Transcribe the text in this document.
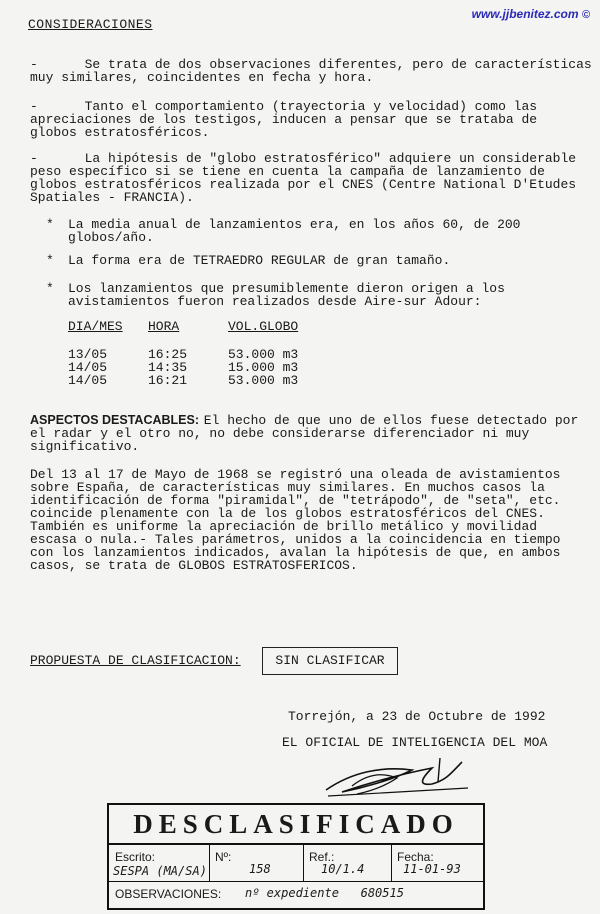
www.jjbenitez.com ©
CONSIDERACIONES
-      Se trata de dos observaciones diferentes, pero de características
muy similares, coincidentes en fecha y hora.
-      Tanto el comportamiento (trayectoria y velocidad) como las
apreciaciones de los testigos, inducen a pensar que se trataba de
globos estratosféricos.
-      La hipótesis de "globo estratosférico" adquiere un considerable
peso específico si se tiene en cuenta la campaña de lanzamiento de
globos estratosféricos realizada por el CNES (Centre National D'Etudes
Spatiales - FRANCIA).
* La media anual de lanzamientos era, en los años 60, de 200
globos/año.
* La forma era de TETRAEDRO REGULAR de gran tamaño.
* Los lanzamientos que presumiblemente dieron origen a los
avistamientos fueron realizados desde Aire-sur Adour:
DIA/MES HORA	VOL.GLOBO
13/05	16:25	53.000 m3
14/05	14:35	15.000 m3
14/05	16:21	53.000 m3
ASPECTOS DESTACABLES:
El hecho de que uno de ellos fuese detectado por
el radar y el otro no, no debe considerarse diferenciador ni muy
significativo.
Del 13 al 17 de Mayo de 1968 se registró una oleada de avistamientos
sobre España, de características muy similares. En muchos casos la
identificación de forma "piramidal", de "tetrápodo", de "seta", etc.
coincide plenamente con la de los globos estratosféricos del CNES.
También es uniforme la apreciación de brillo metálico y movilidad
escasa o nula.- Tales parámetros, unidos a la coincidencia en tiempo
con los lanzamientos indicados, avalan la hipótesis de que, en ambos
casos, se trata de GLOBOS ESTRATOSFERICOS.
PROPUESTA DE CLASIFICACION:	SIN CLASIFICAR
Torrejón, a 23 de Octubre de 1992
EL OFICIAL DE INTELIGENCIA DEL MOA
DESCLASIFICADO
Escrito:
SESPA (MA/SA)
Nº:
158
Ref.:
10/1.4
Fecha:
11-01-93
OBSERVACIONES: nº expediente   680515
